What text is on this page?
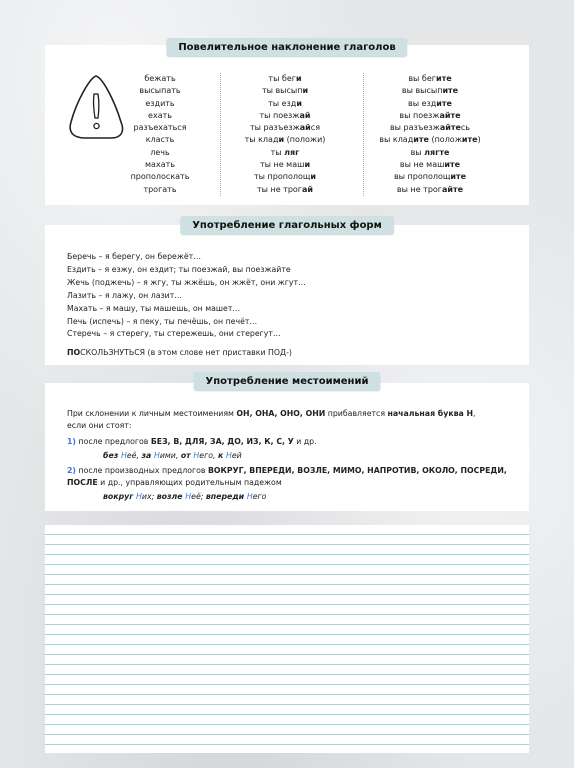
Повелительное наклонение глаголов
бежать
высыпать
ездить
ехать
разъехаться
класть
лечь
махать
прополоскать
трогать
ты беги
ты высыпи
ты езди
ты поезжай
ты разъезжайся
ты клади (положи)
ты ляг
ты не маши
ты прополощи
ты не трогай
вы бегите
вы высыпите
вы ездите
вы поезжайте
вы разъезжайтесь
вы кладите (положите)
вы лягте
вы не машите
вы прополощите
вы не трогайте
Употребление глагольных форм
Беречь – я берегу, он бережёт…
Ездить – я езжу, он ездит; ты поезжай, вы поезжайте
Жечь (поджечь) – я жгу, ты жжёшь, он жжёт, они жгут…
Лазить – я лажу, он лазит…
Махать – я машу, ты машешь, он машет…
Печь (испечь) – я пеку, ты печёшь, он печёт…
Стеречь – я стерегу, ты стережешь, они стерегут…
ПОСКОЛЬЗНУТЬСЯ (в этом слове нет приставки ПОД-)
Употребление местоимений
При склонении к личным местоимениям ОН, ОНА, ОНО, ОНИ прибавляется начальная буква Н,
если они стоят:
1) после предлогов БЕЗ, В, ДЛЯ, ЗА, ДО, ИЗ, К, С, У и др.
без Неё, за Ними, от Него, к Ней
2) после производных предлогов ВОКРУГ, ВПЕРЕДИ, ВОЗЛЕ, МИМО, НАПРОТИВ, ОКОЛО, ПОСРЕДИ, ПОСЛЕ и др., управляющих родительным падежом
вокруг Них; возле Неё; впереди Него
